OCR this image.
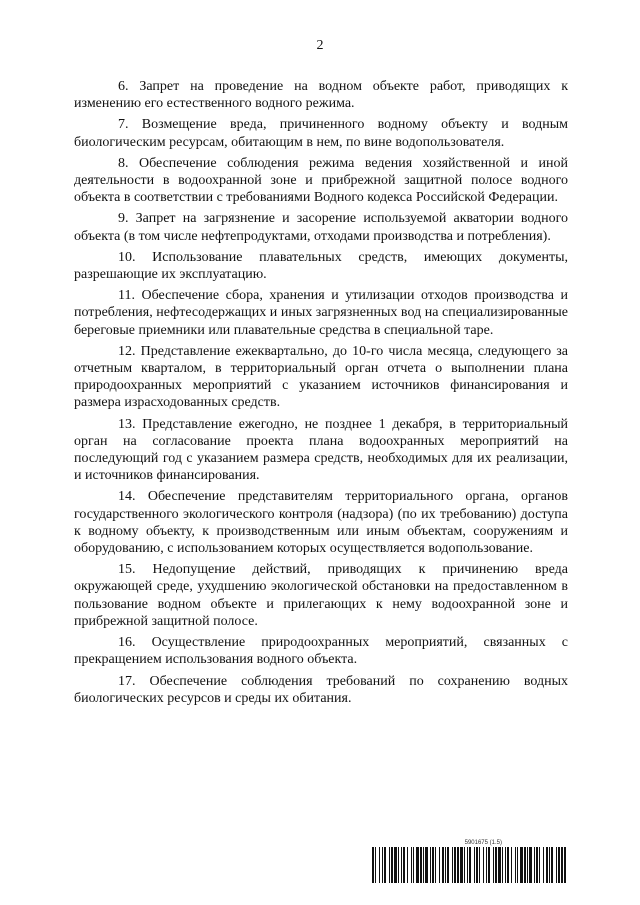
2

6. Запрет на проведение на водном объекте работ, приводящих к изменению его естественного водного режима.

7. Возмещение вреда, причиненного водному объекту и водным биологическим ресурсам, обитающим в нем, по вине водопользователя.

8. Обеспечение соблюдения режима ведения хозяйственной и иной деятельности в водоохранной зоне и прибрежной защитной полосе водного объекта в соответствии с требованиями Водного кодекса Российской Федерации.

9. Запрет на загрязнение и засорение используемой акватории водного объекта (в том числе нефтепродуктами, отходами производства и потребления).

10. Использование плавательных средств, имеющих документы, разрешающие их эксплуатацию.

11. Обеспечение сбора, хранения и утилизации отходов производства и потребления, нефтесодержащих и иных загрязненных вод на специализированные береговые приемники или плавательные средства в специальной таре.

12. Представление ежеквартально, до 10-го числа месяца, следующего за отчетным кварталом, в территориальный орган отчета о выполнении плана природоохранных мероприятий с указанием источников финансирования и размера израсходованных средств.

13. Представление ежегодно, не позднее 1 декабря, в территориальный орган на согласование проекта плана водоохранных мероприятий на последующий год с указанием размера средств, необходимых для их реализации, и источников финансирования.

14. Обеспечение представителям территориального органа, органов государственного экологического контроля (надзора) (по их требованию) доступа к водному объекту, к производственным или иным объектам, сооружениям и оборудованию, с использованием которых осуществляется водопользование.

15. Недопущение действий, приводящих к причинению вреда окружающей среде, ухудшению экологической обстановки на предоставленном в пользование водном объекте и прилегающих к нему водоохранной зоне и прибрежной защитной полосе.

16. Осуществление природоохранных мероприятий, связанных с прекращением использования водного объекта.

17. Обеспечение соблюдения требований по сохранению водных биологических ресурсов и среды их обитания.

5901675 (1.5)
